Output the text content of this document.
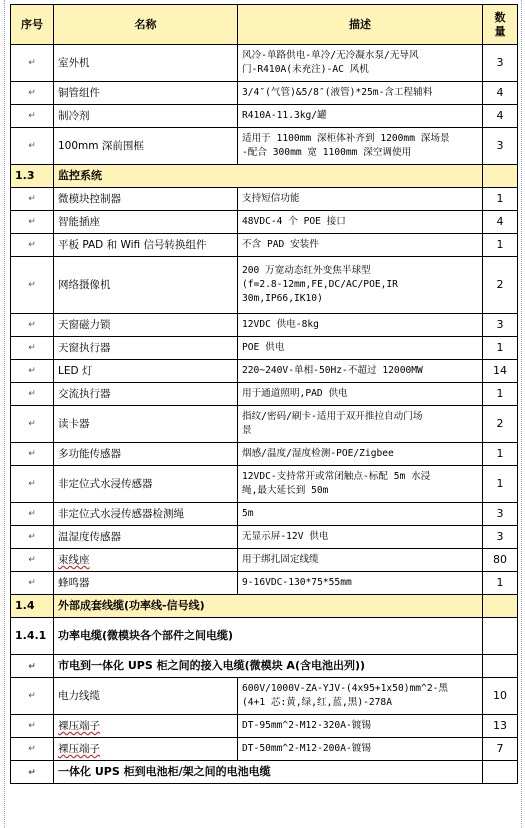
序号	名称	描述	数
量
↵	室外机	风冷-单路供电-单冷/无冷凝水泵/无导风
门-R410A(未充注)-AC 风机	3
↵	铜管组件	3/4″(气管)&5/8″(液管)*25m-含工程辅料	4
↵	制冷剂	R410A-11.3kg/罐	4
↵	100mm 深前围框	适用于 1100mm 深柜体补齐到 1200mm 深场景
-配合 300mm 宽 1100mm 深空调使用	3
1.3	监控系统		
↵	微模块控制器	支持短信功能	1
↵	智能插座	48VDC-4 个 POE 接口	4
↵	平板 PAD 和 Wifi 信号转换组件	不含 PAD 安装件	1
↵	网络摄像机	200 万宽动态红外变焦半球型
(f=2.8-12mm,FE,DC/AC/POE,IR
30m,IP66,IK10)	2
↵	天窗磁力锁	12VDC 供电-8kg	3
↵	天窗执行器	POE 供电	1
↵	LED 灯	220~240V-单相-50Hz-不超过 12000MW	14
↵	交流执行器	用于通道照明,PAD 供电	1
↵	读卡器	指纹/密码/刷卡-适用于双开推拉自动门场
景	2
↵	多功能传感器	烟感/温度/湿度检测-POE/Zigbee	1
↵	非定位式水浸传感器	12VDC-支持常开或常闭触点-标配 5m 水浸
绳,最大延长到 50m	1
↵	非定位式水浸传感器检测绳	5m	3
↵	温湿度传感器	无显示屏-12V 供电	3
↵	束线座	用于绑扎固定线缆	80
↵	蜂鸣器	9-16VDC-130*75*55mm	1
1.4	外部成套线缆(功率线-信号线)		
1.4.1	功率电缆(微模块各个部件之间电缆)		
↵	市电到一体化 UPS 柜之间的接入电缆(微模块 A(含电池出列))		
↵	电力线缆	600V/1000V-ZA-YJV-(4x95+1x50)mm^2-黑
(4+1 芯:黄,绿,红,蓝,黑)-278A	10
↵	裸压端子	DT-95mm^2-M12-320A-镀锡	13
↵	裸压端子	DT-50mm^2-M12-200A-镀锡	7
↵	一体化 UPS 柜到电池柜/架之间的电池电缆		
